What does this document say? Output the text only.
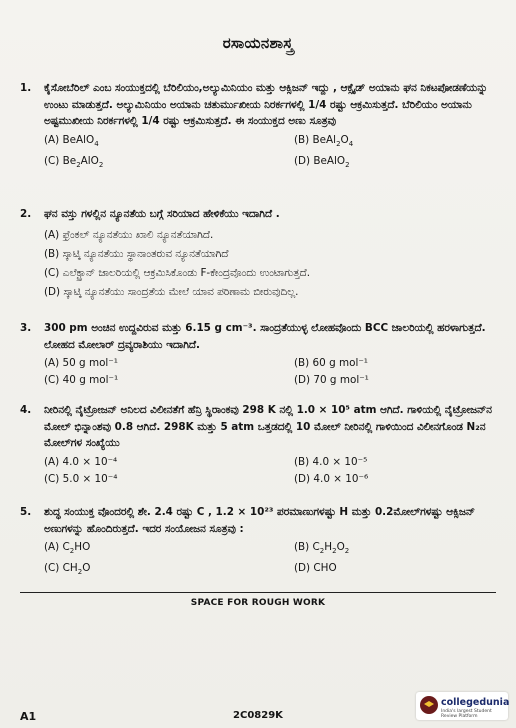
ರಸಾಯನಶಾಸ್ತ್ರ
1. ಕೈಸೋಬೆರಿಲ್ ಎಂಬ ಸಂಯುಕ್ತದಲ್ಲಿ ಬೆರಿಲಿಯಂ,ಅಲ್ಯುಮಿನಿಯಂ ಮತ್ತು ಆಕ್ಸಿಜನ್ ಇದ್ದು , ಆಕ್ಸೈಡ್ ಅಯಾನು ಘನ ನಿಕಟಪೋಡಣೆಯನ್ನು ಉಂಟು ಮಾಡುತ್ತದೆ. ಅಲ್ಯುಮಿನಿಯಂ ಅಯಾನು ಚತುರ್ಮುಖೀಯ ನಿರರ್ಕಗಳಲ್ಲಿ 1/4 ರಷ್ಟು ಆಕ್ರಮಿಸುತ್ತದೆ. ಬೆರಿಲಿಯಂ ಅಯಾನು ಅಷ್ಟಮುಖೀಯ ನಿರರ್ಕಗಳಲ್ಲಿ 1/4 ರಷ್ಟು ಆಕ್ರಮಿಸುತ್ತದೆ. ಈ ಸಂಯುಕ್ತದ ಅಣು ಸೂತ್ರವು
(A) BeAlO$_4$	(B) $BeAl_2O_4$
(C) $Be_2AlO_2$	(D) BeAlO$_2$
2. ಘನ ವಸ್ತು ಗಳಲ್ಲಿನ ನ್ಯೂನತೆಯ ಬಗ್ಗೆ ಸರಿಯಾದ ಹೇಳಿಕೆಯು ಇದಾಗಿದೆ .
(A) ಫ್ರೆಂಕಲ್ ನ್ಯೂನತೆಯು ಖಾಲಿ ನ್ಯೂನತೆಯಾಗಿದೆ.
(B) ಸ್ಕಾಟ್ಕಿ ನ್ಯೂನತೆಯು ಸ್ಥಾನಾಂತರುವ ನ್ಯೂನತೆಯಾಗಿದೆ
(C) ಎಲೆಕ್ಟ್ರಾನ್ ಜಾಲರಿಯಲ್ಲಿ ಆಕ್ರಮಿಸಿಕೊಂಡು F-ಕೇಂದ್ರವೊಂದು ಉಂಟಾಗುತ್ತದೆ.
(D) ಸ್ಕಾಟ್ಕಿ ನ್ಯೂನತೆಯು ಸಾಂದ್ರತೆಯ ಮೇಲೆ ಯಾವ ಪರಿಣಾಮ ಬೀರುವುದಿಲ್ಲ.
3. 300 pm ಅಂಚಿನ ಉದ್ದವಿರುವ ಮತ್ತು 6.15 g cm⁻³. ಸಾಂದ್ರತೆಯುಳ್ಳ ಲೋಹವೊಂದು BCC ಜಾಲರಿಯಲ್ಲಿ ಹರಳಾಗುತ್ತದೆ. ಲೋಹದ ಮೋಲಾರ್ ದ್ರವ್ಯರಾಶಿಯು ಇದಾಗಿದೆ.
(A) 50 g mol⁻¹	(B) 60 g mol⁻¹
(C) 40 g mol⁻¹	(D) 70 g mol⁻¹
4. ನೀರಿನಲ್ಲಿ ನೈಟ್ರೋಜನ್ ಅನಿಲದ ವಿಲೀನತೆಗೆ ಹೆನ್ರಿ ಸ್ಥಿರಾಂಕವು 298 K ನಲ್ಲಿ 1.0 × 10⁵ atm ಆಗಿದೆ. ಗಾಳಿಯಲ್ಲಿ ನೈಟ್ರೋಜನ್‌ನ ಮೋಲ್ ಭಿನ್ನಾಂಶವು 0.8 ಆಗಿದೆ. 298K ಮತ್ತು 5 atm ಒತ್ತಡದಲ್ಲಿ 10 ಮೋಲ್ ನೀರಿನಲ್ಲಿ ಗಾಳಿಯಿಂದ ವಿಲೀನಗೊಂಡ N₂ನ ಮೋಲ್‌ಗಳ ಸಂಖ್ಯೆಯು
(A) 4.0 × 10⁻⁴	(B) 4.0 × 10⁻⁵
(C) 5.0 × 10⁻⁴	(D) 4.0 × 10⁻⁶
5. ಶುದ್ಧ ಸಂಯುಕ್ತ ವೊಂದರಲ್ಲಿ ಶೇ. 2.4 ರಷ್ಟು C , 1.2 × 10²³ ಪರಮಾಣುಗಳಷ್ಟು H ಮತ್ತು 0.2ಮೋಲ್‌ಗಳಷ್ಟು ಆಕ್ಸಿಜನ್ ಅಣುಗಳನ್ನು ಹೊಂದಿರುತ್ತದೆ. ಇದರ ಸಂಯೋಜನ ಸೂತ್ರವು :
(A) $C_2HO$	(B) $C_2H_2O_2$
(C) $CH_2O$	(D) CHO
SPACE FOR ROUGH WORK
A1	2C0829K
collegedunia
India's largest Student Review Platform
